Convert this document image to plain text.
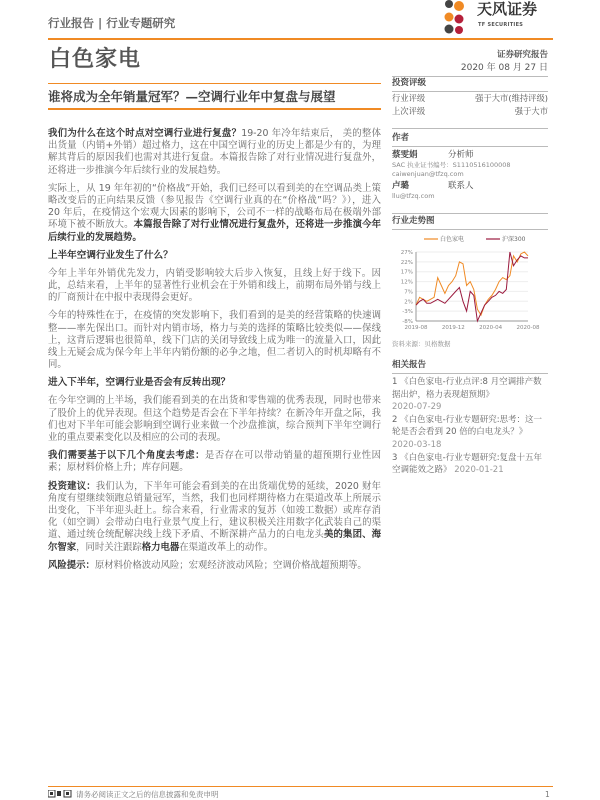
行业报告 | 行业专题研究
天风证券
TF SECURITIES
白色家电
谁将成为全年销量冠军？—空调行业年中复盘与展望
证券研究报告
2020 年 08 月 27 日
投资评级
行业评级	强于大市(维持评级)
上次评级	强于大市
作者
蔡雯娟	分析师
SAC 执业证书编号：S1110516100008
caiwenjuan@tfzq.com
卢璐	联系人
llu@tfzq.com
行业走势图
27%
22%
17%
12%
7%
2%
-3%
-8%
2019-08	2019-12	2020-04	2020-08
白色家电	沪深300
资料来源：贝格数据
相关报告
1 《白色家电-行业点评:8 月空调排产数据出炉，格力表现超预期》
2020-07-29
2 《白色家电-行业专题研究:思考：这一轮是否会看到 20 倍的白电龙头？》
2020-03-18
3 《白色家电-行业专题研究:复盘十五年空调能效之路》 2020-01-21

我们为什么在这个时点对空调行业进行复盘？19-20 年冷年结束后， 美的整体出货量（内销+外销）超过格力，这在中国空调行业的历史上都是少有的，为理解其背后的原因我们也需对其进行复盘。本篇报告除了对行业情况进行复盘外，还将进一步推演今年后续行业的发展趋势。

实际上，从 19 年年初的“价格战”开始，我们已经可以看到美的在空调品类上策略改变后的正向结果反馈（参见报告《空调行业真的在“价格战”吗？》），进入 20 年后，在疫情这个宏观大因素的影响下，公司不一样的战略布局在极端外部环境下被不断放大。本篇报告除了对行业情况进行复盘外，还将进一步推演今年后续行业的发展趋势。

上半年空调行业发生了什么？

今年上半年外销优先发力，内销受影响较大后步入恢复，且线上好于线下。因此，总结来看，上半年的显著性行业机会在于外销和线上，前期布局外销与线上的厂商预计在中报中表现得会更好。

今年的特殊性在于，在疫情的突发影响下，我们看到的是美的经营策略的快速调整——率先保出口。而针对内销市场，格力与美的选择的策略比较类似——保线上，这背后逻辑也很简单，线下门店的关闭导致线上成为唯一的流量入口，因此线上无疑会成为保今年上半年内销份额的必争之地，但二者切入的时机却略有不同。

进入下半年，空调行业是否会有反转出现？

在今年空调的上半场，我们能看到美的在出货和零售端的优秀表现，同时也带来了股价上的优异表现。但这个趋势是否会在下半年持续？在新冷年开盘之际，我们也对下半年可能会影响到空调行业来做一个沙盘推演，综合预判下半年空调行业的重点要素变化以及相应的公司的表现。

我们需要基于以下几个角度去考虑：是否存在可以带动销量的超预期行业性因素；原材料价格上升；库存问题。

投资建议：我们认为，下半年可能会看到美的在出货端优势的延续，2020 财年角度有望继续领跑总销量冠军，当然，我们也同样期待格力在渠道改革上所展示出变化，下半年迎头赶上。综合来看，行业需求的复苏（如竣工数据）或库存消化（如空调）会带动白电行业景气度上行，建议积极关注用数字化武装自己的渠道、通过统仓统配解决线上线下矛盾、不断深耕产品力的白电龙头美的集团、海尔智家，同时关注跟踪格力电器在渠道改革上的动作。

风险提示：原材料价格波动风险；宏观经济波动风险；空调价格战超预期等。

请务必阅读正文之后的信息披露和免责申明	1
